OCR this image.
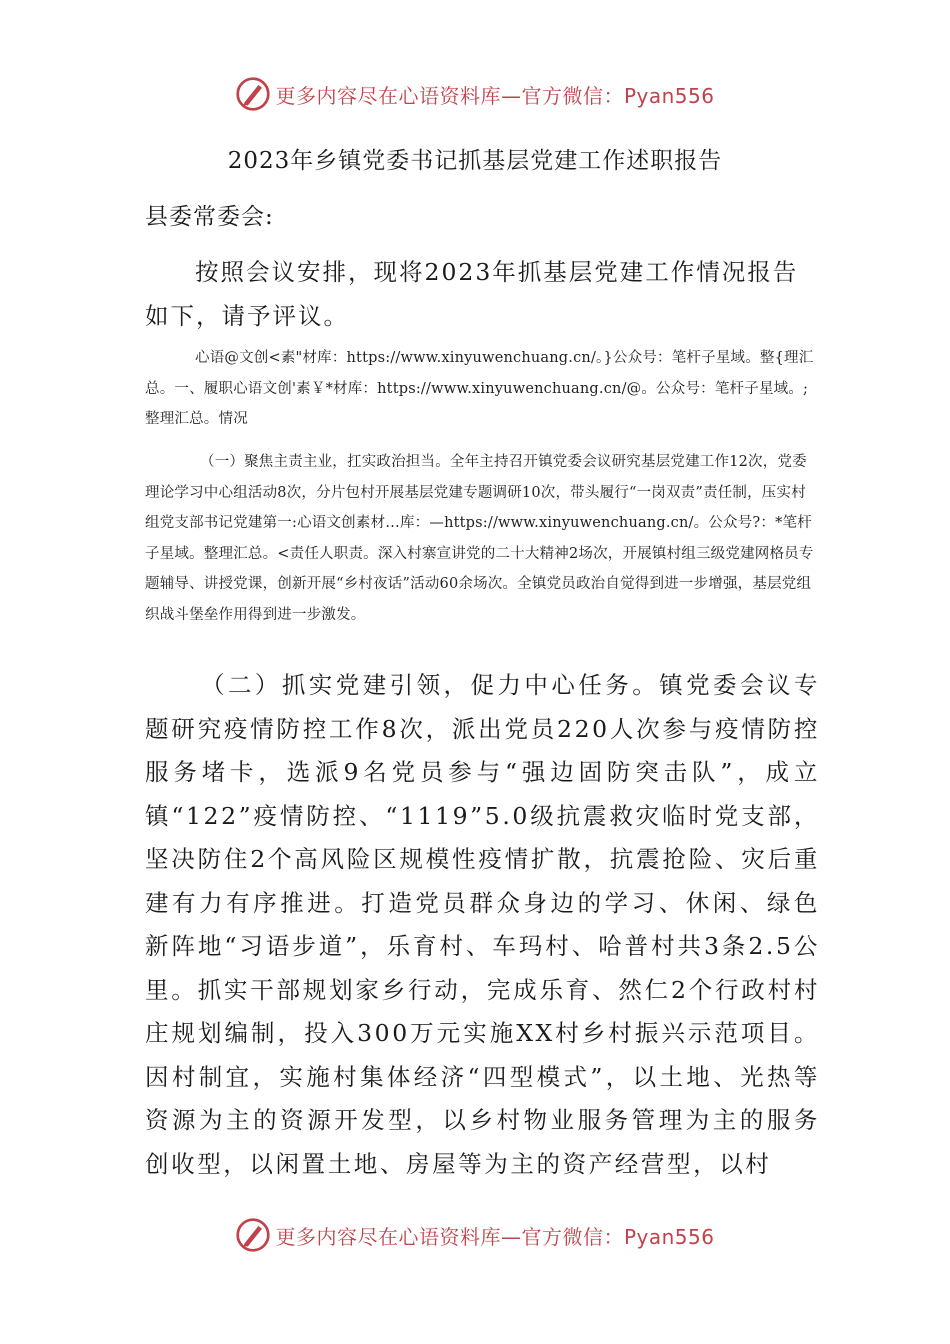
更多内容尽在心语资料库—官方微信：Pyan556
2023年乡镇党委书记抓基层党建工作述职报告
县委常委会:

按照会议安排，现将2023年抓基层党建工作情况报告如下，请予评议。

心语@文创<素"材库：https://www.xinyuwenchuang.cn/。}公众号：笔杆子星域。整{理汇总。一、履职心语文创'素￥*材库：https://www.xinyuwenchuang.cn/@。公众号：笔杆子星域。;整理汇总。情况

（一）聚焦主责主业，扛实政治担当。全年主持召开镇党委会议研究基层党建工作12次，党委理论学习中心组活动8次，分片包村开展基层党建专题调研10次，带头履行“一岗双责”责任制，压实村组党支部书记党建第一:心语文创素材…库：—https://www.xinyuwenchuang.cn/。公众号?：*笔杆子星域。整理汇总。<责任人职责。深入村寨宣讲党的二十大精神2场次，开展镇村组三级党建网格员专题辅导、讲授党课，创新开展“乡村夜话”活动60余场次。全镇党员政治自觉得到进一步增强，基层党组织战斗堡垒作用得到进一步激发。

（二）抓实党建引领，促力中心任务。镇党委会议专题研究疫情防控工作8次，派出党员220人次参与疫情防控服务堵卡，选派9名党员参与“强边固防突击队”，成立镇“122”疫情防控、“1119”5.0级抗震救灾临时党支部，坚决防住2个高风险区规模性疫情扩散，抗震抢险、灾后重建有力有序推进。打造党员群众身边的学习、休闲、绿色新阵地“习语步道”，乐育村、车玛村、哈普村共3条2.5公里。抓实干部规划家乡行动，完成乐育、然仁2个行政村村庄规划编制，投入300万元实施XX村乡村振兴示范项目。因村制宜，实施村集体经济“四型模式”，以土地、光热等资源为主的资源开发型，以乡村物业服务管理为主的服务创收型，以闲置土地、房屋等为主的资产经营型，以村

更多内容尽在心语资料库—官方微信：Pyan556
